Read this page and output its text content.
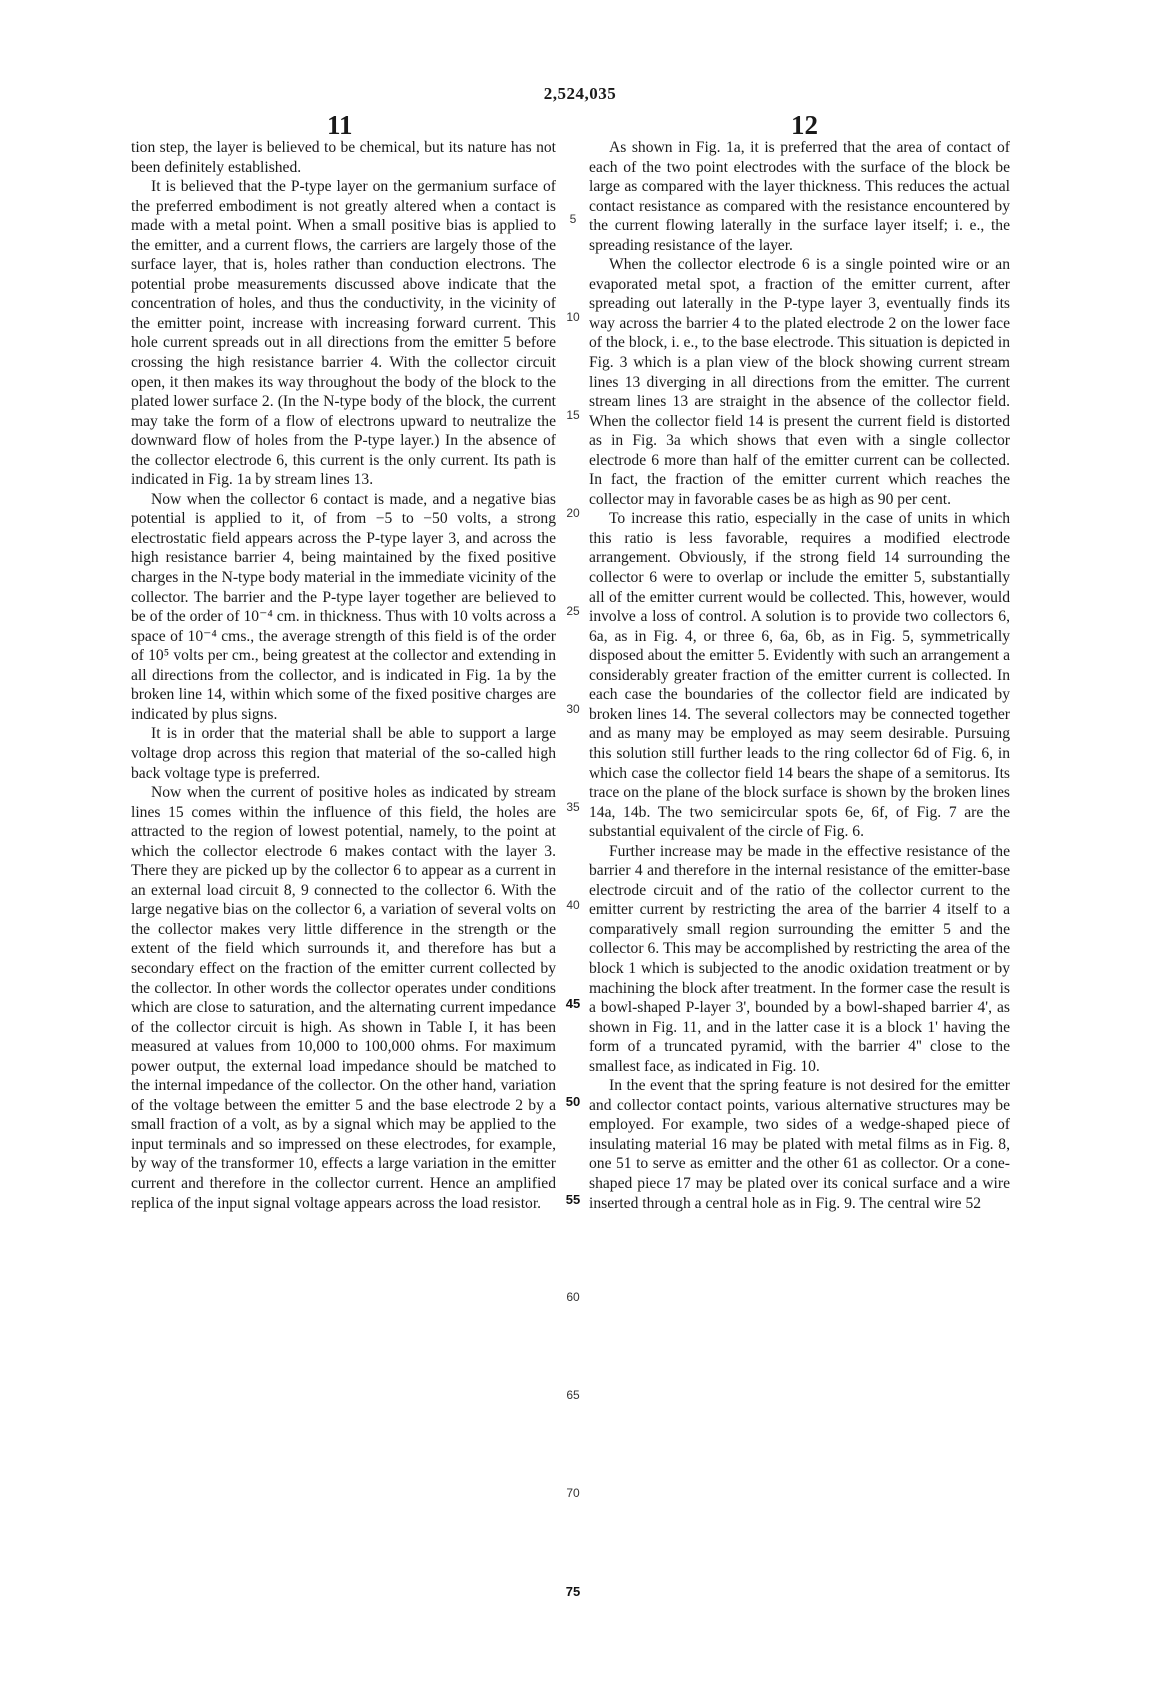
2,524,035
11	12

tion step, the layer is believed to be chemical, but its nature has not been definitely established.

It is believed that the P-type layer on the germanium surface of the preferred embodiment is not greatly altered when a contact is made with a metal point. When a small positive bias is applied to the emitter, and a current flows, the carriers are largely those of the surface layer, that is, holes rather than conduction electrons. The potential probe measurements discussed above indicate that the concentration of holes, and thus the conductivity, in the vicinity of the emitter point, increase with increasing forward current. This hole current spreads out in all directions from the emitter 5 before crossing the high resistance barrier 4. With the collector circuit open, it then makes its way throughout the body of the block to the plated lower surface 2. (In the N-type body of the block, the current may take the form of a flow of electrons upward to neutralize the downward flow of holes from the P-type layer.) In the absence of the collector electrode 6, this current is the only current. Its path is indicated in Fig. 1a by stream lines 13.

Now when the collector 6 contact is made, and a negative bias potential is applied to it, of from −5 to −50 volts, a strong electrostatic field appears across the P-type layer 3, and across the high resistance barrier 4, being maintained by the fixed positive charges in the N-type body material in the immediate vicinity of the collector. The barrier and the P-type layer together are believed to be of the order of 10⁻⁴ cm. in thickness. Thus with 10 volts across a space of 10⁻⁴ cms., the average strength of this field is of the order of 10⁵ volts per cm., being greatest at the collector and extending in all directions from the collector, and is indicated in Fig. 1a by the broken line 14, within which some of the fixed positive charges are indicated by plus signs.

It is in order that the material shall be able to support a large voltage drop across this region that material of the so-called high back voltage type is preferred.

Now when the current of positive holes as indicated by stream lines 15 comes within the influence of this field, the holes are attracted to the region of lowest potential, namely, to the point at which the collector electrode 6 makes contact with the layer 3. There they are picked up by the collector 6 to appear as a current in an external load circuit 8, 9 connected to the collector 6. With the large negative bias on the collector 6, a variation of several volts on the collector makes very little difference in the strength or the extent of the field which surrounds it, and therefore has but a secondary effect on the fraction of the emitter current collected by the collector. In other words the collector operates under conditions which are close to saturation, and the alternating current impedance of the collector circuit is high. As shown in Table I, it has been measured at values from 10,000 to 100,000 ohms. For maximum power output, the external load impedance should be matched to the internal impedance of the collector. On the other hand, variation of the voltage between the emitter 5 and the base electrode 2 by a small fraction of a volt, as by a signal which may be applied to the input terminals and so impressed on these electrodes, for example, by way of the transformer 10, effects a large variation in the emitter current and therefore in the collector current. Hence an amplified replica of the input signal voltage appears across the load resistor.

5
10
15
20
25
30
35
40
45
50
55
60
65
70
75

As shown in Fig. 1a, it is preferred that the area of contact of each of the two point electrodes with the surface of the block be large as compared with the layer thickness. This reduces the actual contact resistance as compared with the resistance encountered by the current flowing laterally in the surface layer itself; i. e., the spreading resistance of the layer.

When the collector electrode 6 is a single pointed wire or an evaporated metal spot, a fraction of the emitter current, after spreading out laterally in the P-type layer 3, eventually finds its way across the barrier 4 to the plated electrode 2 on the lower face of the block, i. e., to the base electrode. This situation is depicted in Fig. 3 which is a plan view of the block showing current stream lines 13 diverging in all directions from the emitter. The current stream lines 13 are straight in the absence of the collector field. When the collector field 14 is present the current field is distorted as in Fig. 3a which shows that even with a single collector electrode 6 more than half of the emitter current can be collected. In fact, the fraction of the emitter current which reaches the collector may in favorable cases be as high as 90 per cent.

To increase this ratio, especially in the case of units in which this ratio is less favorable, requires a modified electrode arrangement. Obviously, if the strong field 14 surrounding the collector 6 were to overlap or include the emitter 5, substantially all of the emitter current would be collected. This, however, would involve a loss of control. A solution is to provide two collectors 6, 6a, as in Fig. 4, or three 6, 6a, 6b, as in Fig. 5, symmetrically disposed about the emitter 5. Evidently with such an arrangement a considerably greater fraction of the emitter current is collected. In each case the boundaries of the collector field are indicated by broken lines 14. The several collectors may be connected together and as many may be employed as may seem desirable. Pursuing this solution still further leads to the ring collector 6d of Fig. 6, in which case the collector field 14 bears the shape of a semitorus. Its trace on the plane of the block surface is shown by the broken lines 14a, 14b. The two semicircular spots 6e, 6f, of Fig. 7 are the substantial equivalent of the circle of Fig. 6.

Further increase may be made in the effective resistance of the barrier 4 and therefore in the internal resistance of the emitter-base electrode circuit and of the ratio of the collector current to the emitter current by restricting the area of the barrier 4 itself to a comparatively small region surrounding the emitter 5 and the collector 6. This may be accomplished by restricting the area of the block 1 which is subjected to the anodic oxidation treatment or by machining the block after treatment. In the former case the result is a bowl-shaped P-layer 3', bounded by a bowl-shaped barrier 4', as shown in Fig. 11, and in the latter case it is a block 1' having the form of a truncated pyramid, with the barrier 4'' close to the smallest face, as indicated in Fig. 10.

In the event that the spring feature is not desired for the emitter and collector contact points, various alternative structures may be employed. For example, two sides of a wedge-shaped piece of insulating material 16 may be plated with metal films as in Fig. 8, one 51 to serve as emitter and the other 61 as collector. Or a cone-shaped piece 17 may be plated over its conical surface and a wire inserted through a central hole as in Fig. 9. The central wire 52
